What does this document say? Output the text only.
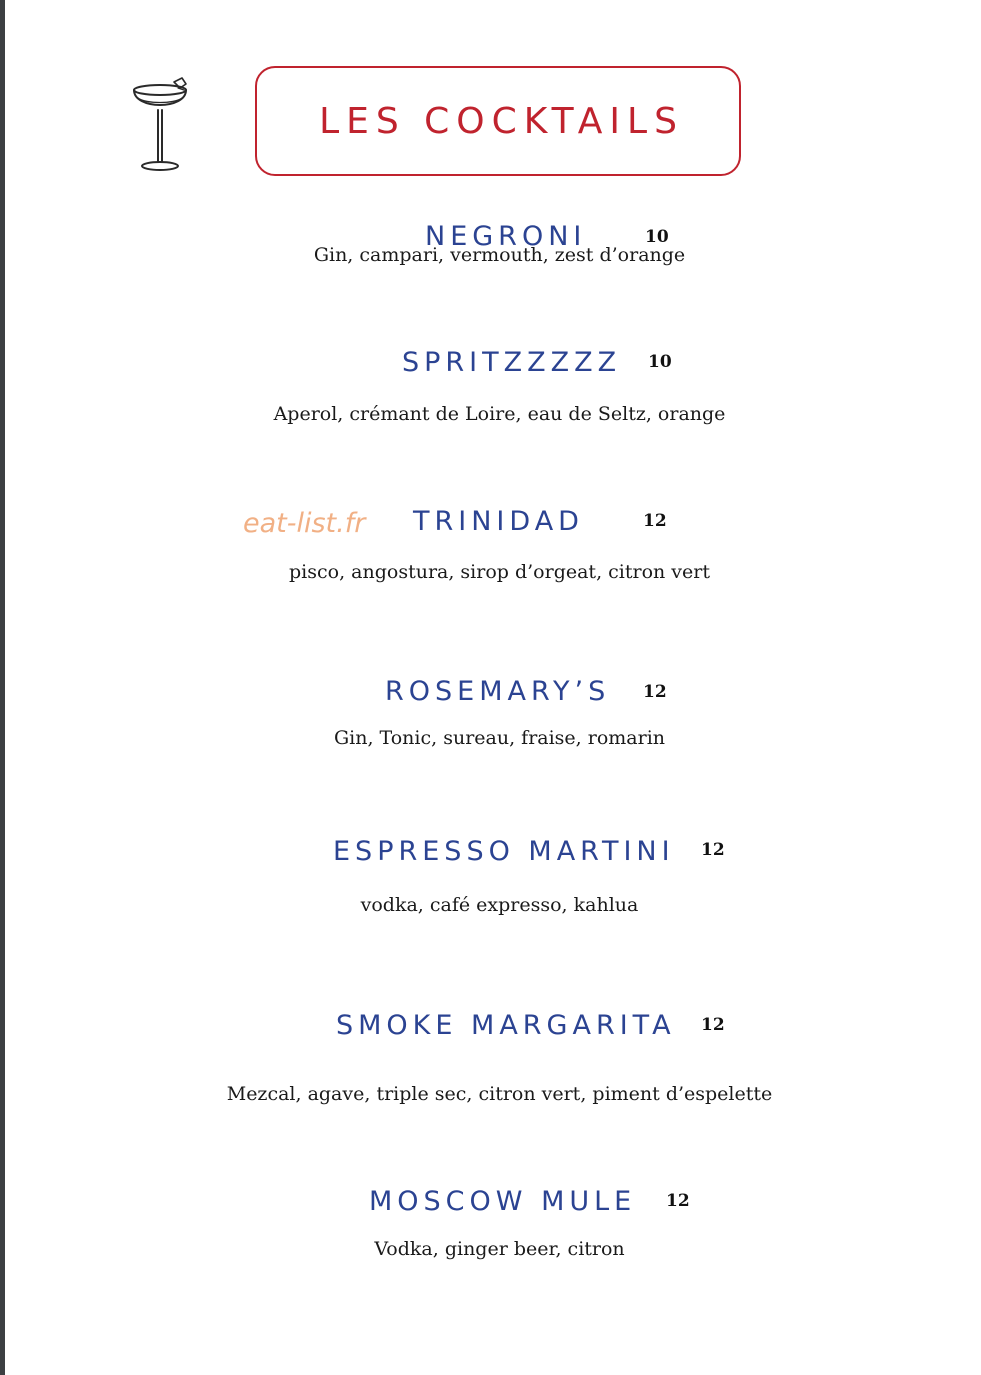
LES COCKTAILS
eat-list.fr
NEGRONI	10
Gin, campari, vermouth, zest d’orange
SPRITZZZZZ 10
Aperol, crémant de Loire, eau de Seltz, orange
TRINIDAD	12
pisco, angostura, sirop d’orgeat, citron vert
ROSEMARY’S 12
Gin, Tonic, sureau, fraise, romarin
ESPRESSO MARTINI 12
vodka, café expresso, kahlua
SMOKE MARGARITA 12
Mezcal, agave, triple sec, citron vert, piment d’espelette
MOSCOW MULE 12
Vodka, ginger beer, citron
